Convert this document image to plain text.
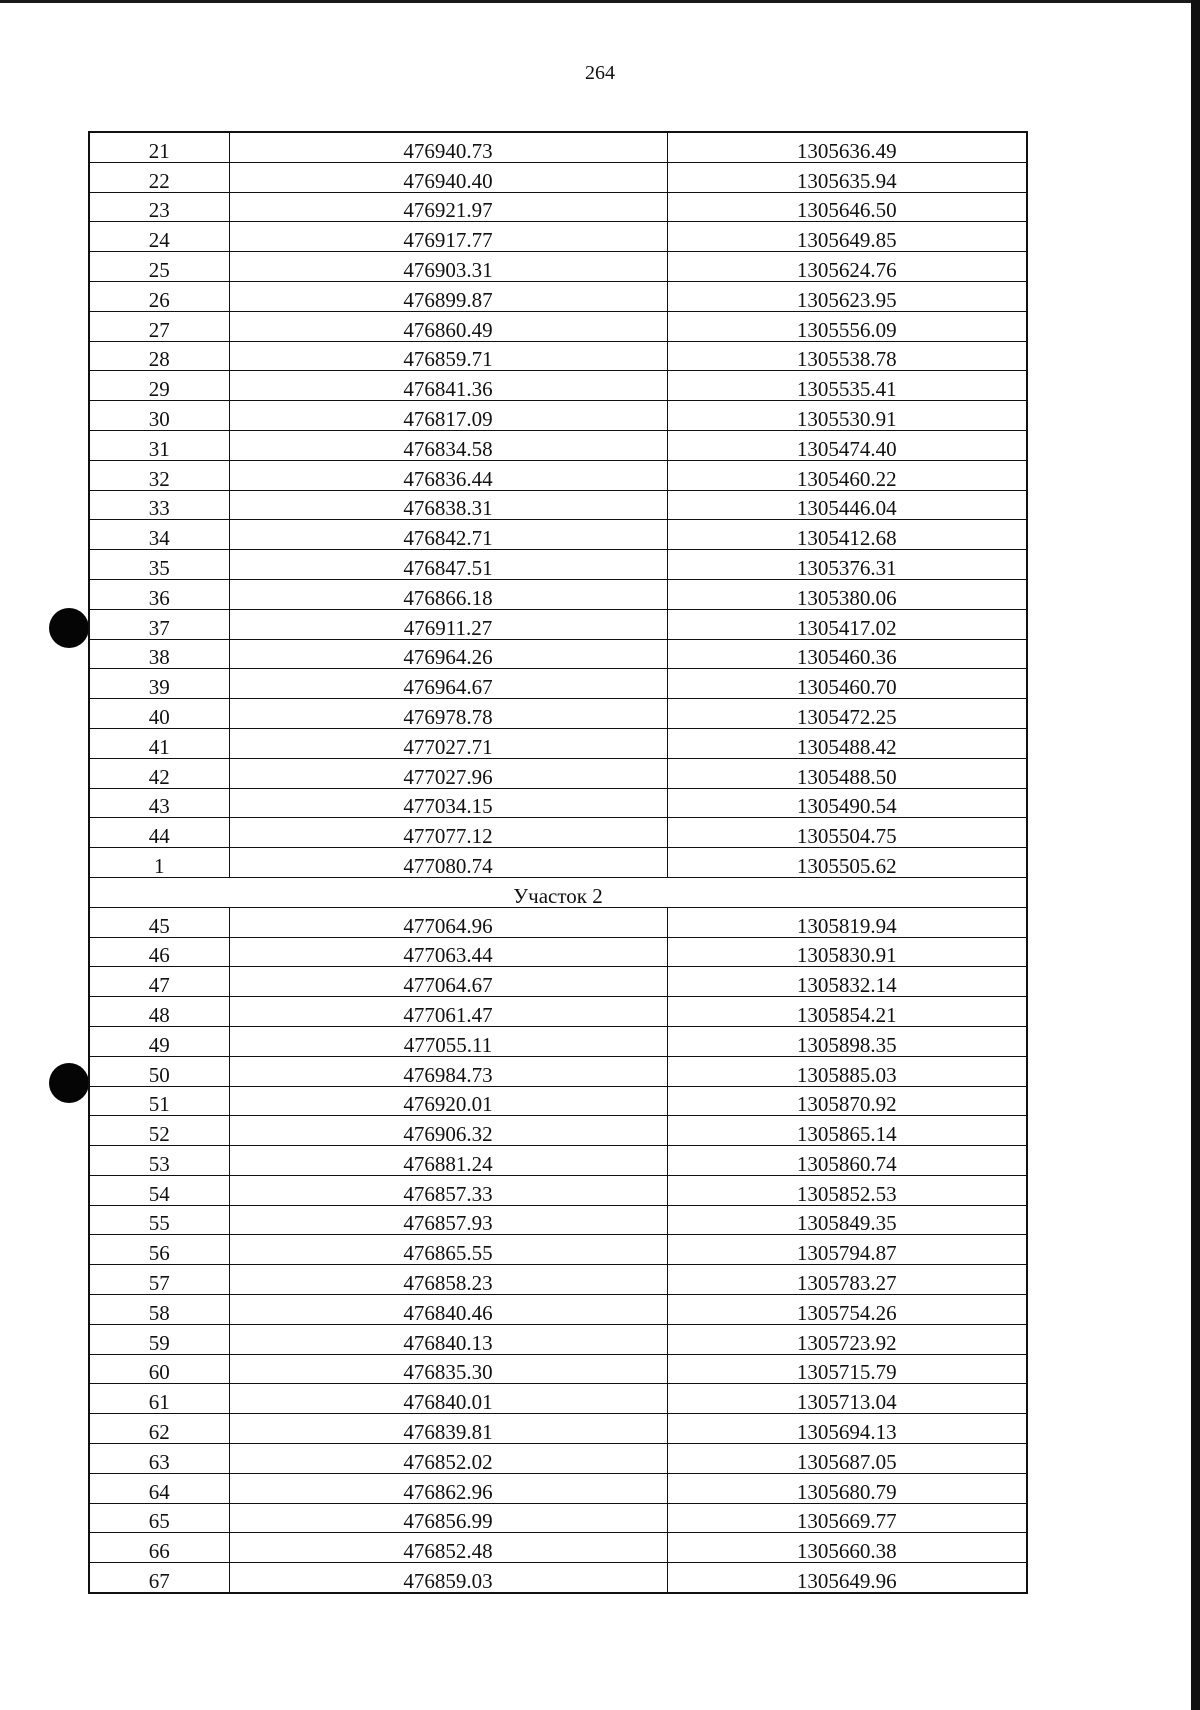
264
21	476940.73	1305636.49
22	476940.40	1305635.94
23	476921.97	1305646.50
24	476917.77	1305649.85
25	476903.31	1305624.76
26	476899.87	1305623.95
27	476860.49	1305556.09
28	476859.71	1305538.78
29	476841.36	1305535.41
30	476817.09	1305530.91
31	476834.58	1305474.40
32	476836.44	1305460.22
33	476838.31	1305446.04
34	476842.71	1305412.68
35	476847.51	1305376.31
36	476866.18	1305380.06
37	476911.27	1305417.02
38	476964.26	1305460.36
39	476964.67	1305460.70
40	476978.78	1305472.25
41	477027.71	1305488.42
42	477027.96	1305488.50
43	477034.15	1305490.54
44	477077.12	1305504.75
1	477080.74	1305505.62
Участок 2		
45	477064.96	1305819.94
46	477063.44	1305830.91
47	477064.67	1305832.14
48	477061.47	1305854.21
49	477055.11	1305898.35
50	476984.73	1305885.03
51	476920.01	1305870.92
52	476906.32	1305865.14
53	476881.24	1305860.74
54	476857.33	1305852.53
55	476857.93	1305849.35
56	476865.55	1305794.87
57	476858.23	1305783.27
58	476840.46	1305754.26
59	476840.13	1305723.92
60	476835.30	1305715.79
61	476840.01	1305713.04
62	476839.81	1305694.13
63	476852.02	1305687.05
64	476862.96	1305680.79
65	476856.99	1305669.77
66	476852.48	1305660.38
67	476859.03	1305649.96
